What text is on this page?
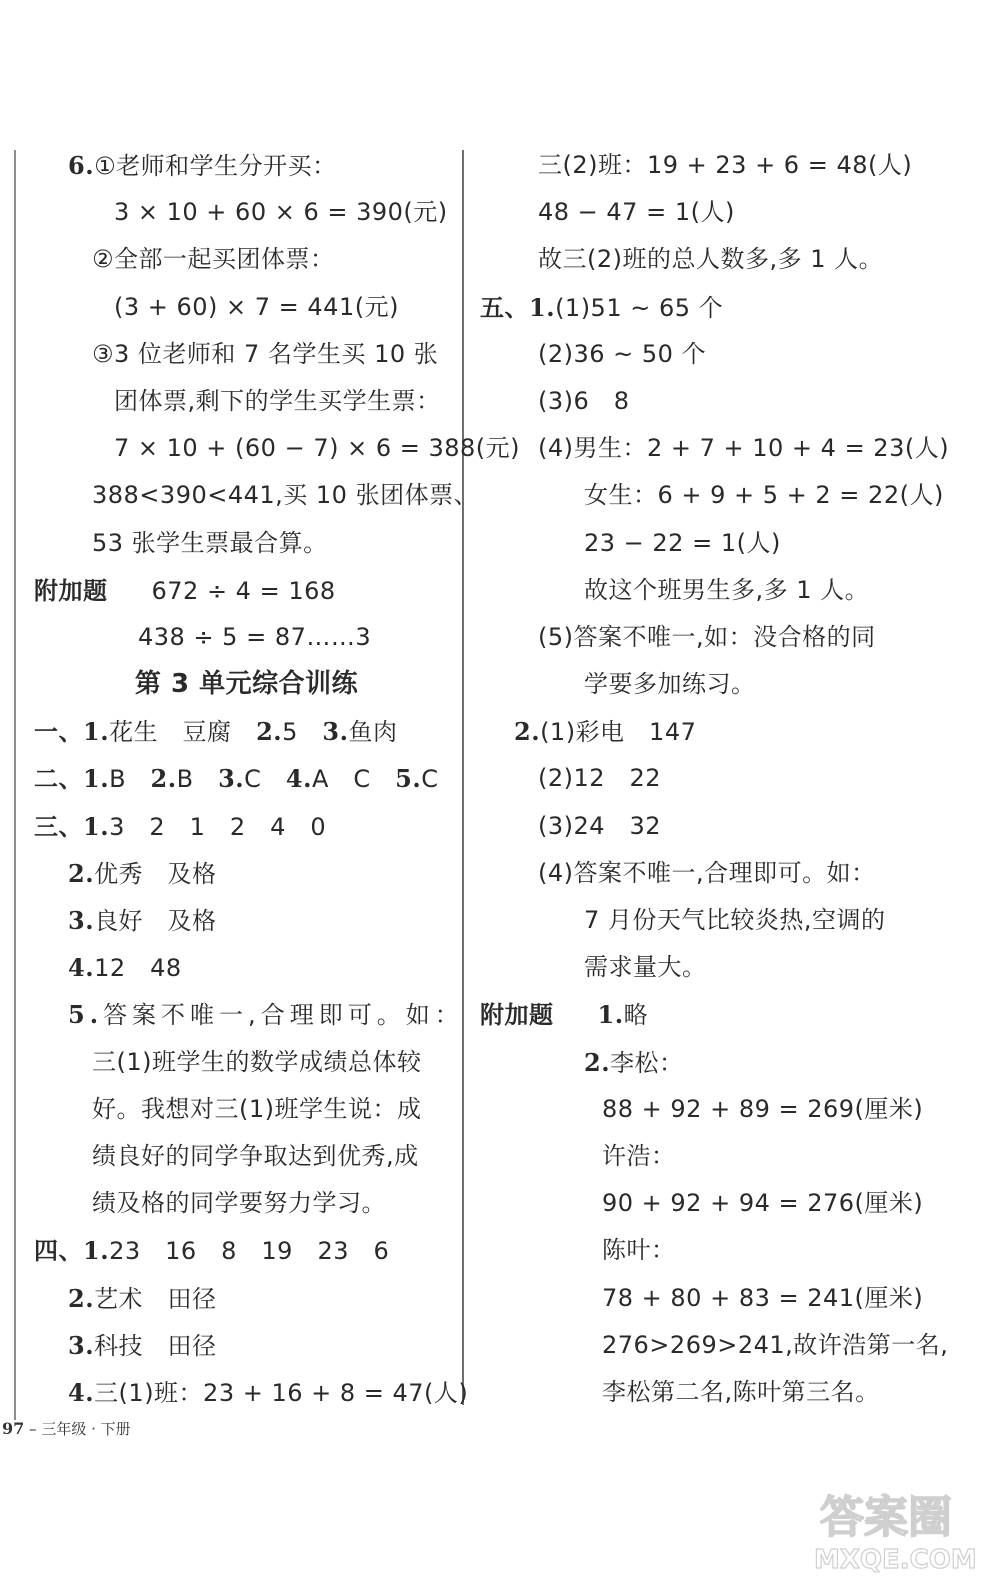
6.①老师和学生分开买：
3 × 10 + 60 × 6 = 390(元)
②全部一起买团体票：
(3 + 60) × 7 = 441(元)
③3 位老师和 7 名学生买 10 张
团体票,剩下的学生买学生票：
7 × 10 + (60 − 7) × 6 = 388(元)
388<390<441,买 10 张团体票、
53 张学生票最合算。
附加题 672 ÷ 4 = 168
438 ÷ 5 = 87……3
第 3 单元综合训练
一、1.花生　豆腐　2.5　3.鱼肉
二、1.B　2.B　3.C　4.A　C　5.C
三、1.3　2　1　2　4　0
2.优秀　及格
3.良好　及格
4.12　48
5.答案不唯一,合理即可。如：
三(1)班学生的数学成绩总体较
好。我想对三(1)班学生说：成
绩良好的同学争取达到优秀,成
绩及格的同学要努力学习。
四、1.23　16　8　19　23　6
2.艺术　田径
3.科技　田径
4.三(1)班：23 + 16 + 8 = 47(人)
三(2)班：19 + 23 + 6 = 48(人)
48 − 47 = 1(人)
故三(2)班的总人数多,多 1 人。
五、1.(1)51 ~ 65 个
(2)36 ~ 50 个
(3)6　8
(4)男生：2 + 7 + 10 + 4 = 23(人)
女生：6 + 9 + 5 + 2 = 22(人)
23 − 22 = 1(人)
故这个班男生多,多 1 人。
(5)答案不唯一,如：没合格的同
学要多加练习。
2.(1)彩电　147
(2)12　22
(3)24　32
(4)答案不唯一,合理即可。如：
7 月份天气比较炎热,空调的
需求量大。
附加题 1.略
2.李松：
88 + 92 + 89 = 269(厘米)
许浩：
90 + 92 + 94 = 276(厘米)
陈叶：
78 + 80 + 83 = 241(厘米)
276>269>241,故许浩第一名,
李松第二名,陈叶第三名。
97 – 三年级 · 下册
答案圈
MXQE.COM
